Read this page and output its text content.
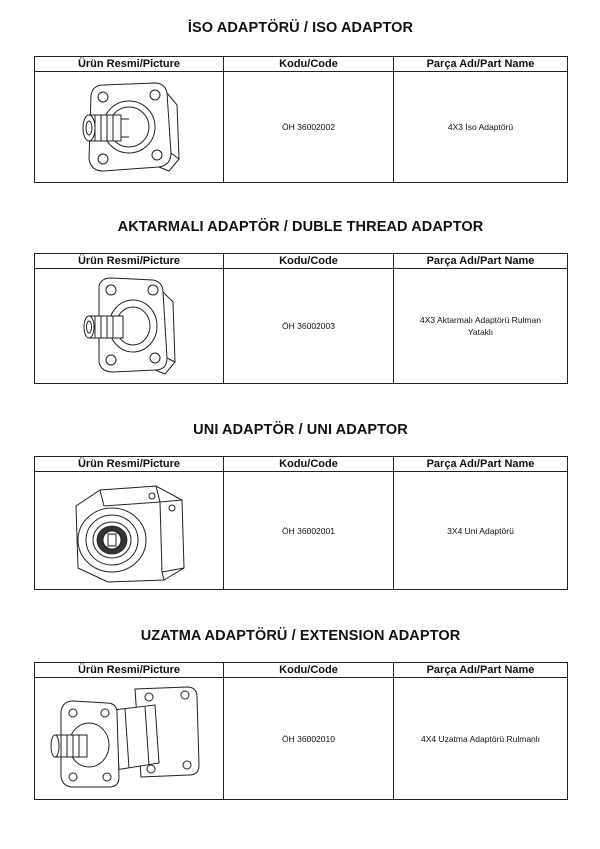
İSO ADAPTÖRÜ / ISO ADAPTOR
Ürün Resmi/Picture	Kodu/Code	Parça Adı/Part Name

	ÖH 36002002	4X3 İso Adaptörü
AKTARMALI ADAPTÖR / DUBLE THREAD ADAPTOR
Ürün Resmi/Picture	Kodu/Code	Parça Adı/Part Name

	ÖH 36002003	4X3 Aktarmalı Adaptörü Rulman Yataklı
UNI ADAPTÖR / UNI ADAPTOR
Ürün Resmi/Picture	Kodu/Code	Parça Adı/Part Name

	ÖH 36002001	3X4 Uni Adaptörü
UZATMA ADAPTÖRÜ / EXTENSION ADAPTOR
Ürün Resmi/Picture	Kodu/Code	Parça Adı/Part Name

	ÖH 36002010	4X4 Uzatma Adaptörü Rulmanlı
